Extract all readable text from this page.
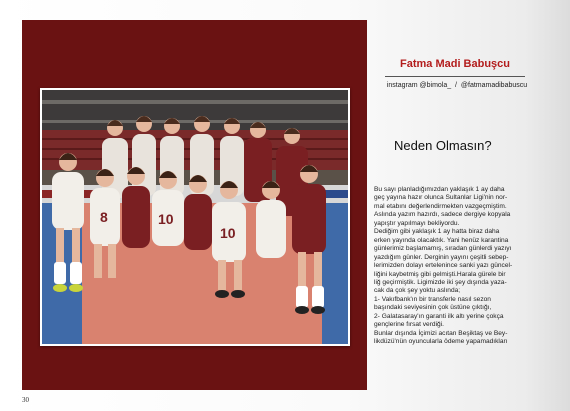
8	10
10
Fatma Madi Babuşcu
instagram @bimola_ / @fatmamadibabuscu
Neden Olmasın?

Bu sayı planladığımızdan yaklaşık 1 ay daha

geç yayına hazır olunca Sultanlar Ligi'nin nor-

mal etabını değerlendirmekten vazgeçmiştim.

Aslında yazım hazırdı, sadece dergiye kopyala

yapıştır yapılmayı bekliyordu.

Dediğim gibi yaklaşık 1 ay hatta biraz daha

erken yayında olacaktık. Yani henüz karantina

günlerimiz başlamamış, sıradan günlerdi yazıyı

yazdığım günler. Derginin yayını çeşitli sebep-

lerimizden dolayı ertelenince sanki yazı güncel-

liğini kaybetmiş gibi gelmişti.Harala gürele bir

liğ geçirmiştik. Ligimizde iki şey dışında yaza-

cak da çok şey yoktu aslında;

1- Vakıfbank'ın bir transferle nasıl sezon

başındaki seviyesinin çok üstüne çıktığı,

2- Galatasaray'ın garanti ilk altı yerine çokça

gençlerine fırsat verdiği.

Bunlar dışında İçimizi acıtan Beşiktaş ve Bey-

likdüzü'nün oyuncularla ödeme yapamadıkları

30
